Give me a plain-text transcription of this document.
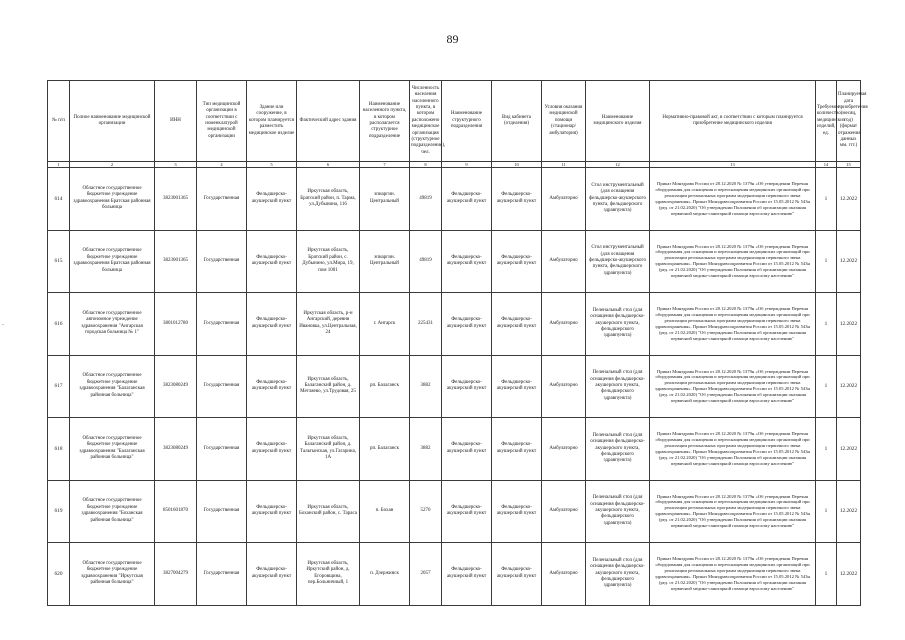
89
..
№ п/п	Полное наименование медицинской организации	ИНН	Тип медицинской организации в соответствии с номенклатурой медицинской организации	Здание или сооружение, в котором планируется разместить медицинское изделие	Фактический адрес здания	Наименование населенного пункта, в котором располагается структурное подразделение	Численность населения населенного пункта, в котором расположено медицинское организация (структурное подразделение), чел.	Наименование структурного подразделения	Вид кабинета (отделения)	Условия оказания медицинской помощи (стационар/амбулатория)	Наименование медицинского изделия	Нормативно-правовой акт, в соответствии с которым планируется приобретение медицинского изделия	Требуемое количество медицинских изделий, ед.	Планируемая дата приобретения (месяц, год) (формат отражения данных мм. ггг.)
1	2	3	4	5	6	7	8	9	10	11	12	13	14	15
614	Областное государственное бюджетное учреждение здравоохранения Братская районная больница	3823001365	Государственная	Фельдшерско-акушерский пункт	Иркутская область, Братский район, п. Тарма, ул.Дубынина, 116	эпиаргин. Центральный	49819	Фельдшерско-акушерский пункт	Фельдшерско-акушерский пункт	Амбулаторно	Стол инструментальный (для оснащения фельдшерско-акушерского пункта, фельдшерского здравпункта)	Приказ Минздрава России от 28.12.2020 № 1379н «Об утверждении Перечня оборудования для оснащения и переоснащения медицинских организаций при реализации региональных программ модернизации первичного звена здравоохранения». Приказ Минздравсоцразвития России от 15.05.2012 № 543н (ред. от 21.02.2020) "Об утверждении Положения об организации оказания первичной медико-санитарной помощи взрослому населению"	1	12.2022
615	Областное государственное бюджетное учреждение здравоохранения Братская районная больница	3823001365	Государственная	Фельдшерско-акушерский пункт	Иркутская область, Братский район, с. Дубынино, ул.Мира, 19, пом 1001	эпиаргин. Центральный	49819	Фельдшерско-акушерский пункт	Фельдшерско-акушерский пункт	Амбулаторно	Стол инструментальный (для оснащения фельдшерско-акушерского пункта, фельдшерского здравпункта)	Приказ Минздрава России от 28.12.2020 № 1379н «Об утверждении Перечня оборудования для оснащения и переоснащения медицинских организаций при реализации региональных программ модернизации первичного звена здравоохранения». Приказ Минздравсоцразвития России от 15.05.2012 № 543н (ред. от 21.02.2020) "Об утверждении Положения об организации оказания первичной медико-санитарной помощи взрослому населению"	1	12.2022
616	Областное государственное автономное учреждение здравоохранения "Ангарская городская больница № 1"	3801012780	Государственная	Фельдшерско-акушерский пункт	Иркутская область, р-н Ангарский, деревня Ивановка, ул.Центральная, 24	г. Ангарск	225431	Фельдшерско-акушерский пункт	Фельдшерско-акушерский пункт	Амбулаторно	Пеленальный стол (для оснащения фельдшерско-акушерского пункта, фельдшерского здравпункта)	Приказ Минздрава России от 28.12.2020 № 1379н «Об утверждении Перечня оборудования для оснащения и переоснащения медицинских организаций при реализации региональных программ модернизации первичного звена здравоохранения». Приказ Минздравсоцразвития России от 15.05.2012 № 543н (ред. от 21.02.2020) "Об утверждении Положения об организации оказания первичной медико-санитарной помощи взрослому населению"	1	12.2022
617	Областное государственное бюджетное учреждение здравоохранения "Балаганская районная больница"	3823080249	Государственная	Фельдшерско-акушерский пункт	Иркутская область, Балаганский район, д. Метляево, ул.Трудовая, 25	рп. Балаганск	3882	Фельдшерско-акушерский пункт	Фельдшерско-акушерский пункт	Амбулаторно	Пеленальный стол (для оснащения фельдшерско-акушерского пункта, фельдшерского здравпункта)	Приказ Минздрава России от 28.12.2020 № 1379н «Об утверждении Перечня оборудования для оснащения и переоснащения медицинских организаций при реализации региональных программ модернизации первичного звена здравоохранения». Приказ Минздравсоцразвития России от 15.05.2012 № 543н (ред. от 21.02.2020) "Об утверждении Положения об организации оказания первичной медико-санитарной помощи взрослому населению"	1	12.2022
618	Областное государственное бюджетное учреждение здравоохранения "Балаганская районная больница"	3823080249	Государственная	Фельдшерско-акушерский пункт	Иркутская область, Балаганский район, д. Тальтынская, ул.Гагарина, 1А	рп. Балаганск	3882	Фельдшерско-акушерский пункт	Фельдшерско-акушерский пункт	Амбулаторно	Пеленальный стол (для оснащения фельдшерско-акушерского пункта, фельдшерского здравпункта)	Приказ Минздрава России от 28.12.2020 № 1379н «Об утверждении Перечня оборудования для оснащения и переоснащения медицинских организаций при реализации региональных программ модернизации первичного звена здравоохранения». Приказ Минздравсоцразвития России от 15.05.2012 № 543н (ред. от 21.02.2020) "Об утверждении Положения об организации оказания первичной медико-санитарной помощи взрослому населению"	1	12.2022
619	Областное государственное бюджетное учреждение здравоохранения "Боханская районная больница"	8501601870	Государственная	Фельдшерско-акушерский пункт	Иркутская область, Боханский район, с. Тараса	п. Бохан	5270	Фельдшерско-акушерский пункт	Фельдшерско-акушерский пункт	Амбулаторно	Пеленальный стол (для оснащения фельдшерско-акушерского пункта, фельдшерского здравпункта)	Приказ Минздрава России от 28.12.2020 № 1379н «Об утверждении Перечня оборудования для оснащения и переоснащения медицинских организаций при реализации региональных программ модернизации первичного звена здравоохранения». Приказ Минздравсоцразвития России от 15.05.2012 № 543н (ред. от 21.02.2020) "Об утверждении Положения об организации оказания первичной медико-санитарной помощи взрослому населению"	1	12.2022
620	Областное государственное бюджетное учреждение здравоохранения "Иркутская районная больница"	3827004279	Государственная	Фельдшерско-акушерский пункт	Иркутская область, Иркутский район, д. Егоровщина, пер.Больничный, 1	п. Дзержинск	2057	Фельдшерско-акушерский пункт	Фельдшерско-акушерский пункт	Амбулаторно	Пеленальный стол (для оснащения фельдшерско-акушерского пункта, фельдшерского здравпункта)	Приказ Минздрава России от 28.12.2020 № 1379н «Об утверждении Перечня оборудования для оснащения и переоснащения медицинских организаций при реализации региональных программ модернизации первичного звена здравоохранения». Приказ Минздравсоцразвития России от 15.05.2012 № 543н (ред. от 21.02.2020) "Об утверждении Положения об организации оказания первичной медико-санитарной помощи взрослому населению"	1	12.2022
